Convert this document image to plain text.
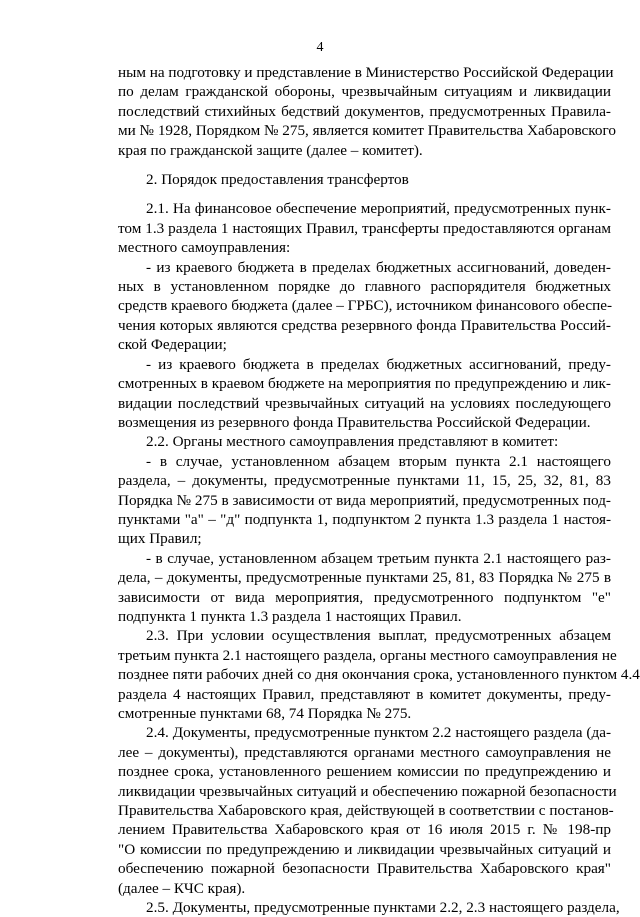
4
ным на подготовку и представление в Министерство Российской Федерации
по делам гражданской обороны, чрезвычайным ситуациям и ликвидации
последствий стихийных бедствий документов, предусмотренных Правила-
ми № 1928, Порядком № 275, является комитет Правительства Хабаровского
края по гражданской защите (далее – комитет).
2. Порядок предоставления трансфертов
2.1. На финансовое обеспечение мероприятий, предусмотренных пунк-
том 1.3 раздела 1 настоящих Правил, трансферты предоставляются органам
местного самоуправления:
- из краевого бюджета в пределах бюджетных ассигнований, доведен-
ных в установленном порядке до главного распорядителя бюджетных
средств краевого бюджета (далее – ГРБС), источником финансового обеспе-
чения которых являются средства резервного фонда Правительства Россий-
ской Федерации;
- из краевого бюджета в пределах бюджетных ассигнований, преду-
смотренных в краевом бюджете на мероприятия по предупреждению и лик-
видации последствий чрезвычайных ситуаций на условиях последующего
возмещения из резервного фонда Правительства Российской Федерации.
2.2. Органы местного самоуправления представляют в комитет:
- в случае, установленном абзацем вторым пункта 2.1 настоящего
раздела, – документы, предусмотренные пунктами 11, 15, 25, 32, 81, 83
Порядка № 275 в зависимости от вида мероприятий, предусмотренных под-
пунктами "а" – "д" подпункта 1, подпунктом 2 пункта 1.3 раздела 1 настоя-
щих Правил;
- в случае, установленном абзацем третьим пункта 2.1 настоящего раз-
дела, – документы, предусмотренные пунктами 25, 81, 83 Порядка № 275 в
зависимости от вида мероприятия, предусмотренного подпунктом "е"
подпункта 1 пункта 1.3 раздела 1 настоящих Правил.
2.3. При условии осуществления выплат, предусмотренных абзацем
третьим пункта 2.1 настоящего раздела, органы местного самоуправления не
позднее пяти рабочих дней со дня окончания срока, установленного пунктом 4.4
раздела 4 настоящих Правил, представляют в комитет документы, преду-
смотренные пунктами 68, 74 Порядка № 275.
2.4. Документы, предусмотренные пунктом 2.2 настоящего раздела (да-
лее – документы), представляются органами местного самоуправления не
позднее срока, установленного решением комиссии по предупреждению и
ликвидации чрезвычайных ситуаций и обеспечению пожарной безопасности
Правительства Хабаровского края, действующей в соответствии с постанов-
лением Правительства Хабаровского края от 16 июля 2015 г. № 198-пр
"О комиссии по предупреждению и ликвидации чрезвычайных ситуаций и
обеспечению пожарной безопасности Правительства Хабаровского края"
(далее – КЧС края).
2.5. Документы, предусмотренные пунктами 2.2, 2.3 настоящего раздела,
